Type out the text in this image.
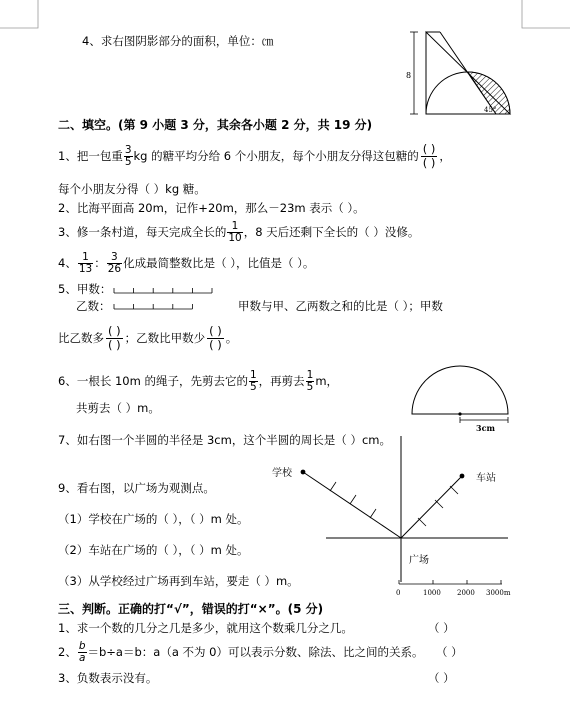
4、求右图阴影部分的面积，单位：㎝
8
45°
二、填空。(第 9 小题 3 分，其余各小题 2 分，共 19 分)
1、把一包重 $\frac{3}{5}$ kg 的糖平均分给 6 个小朋友，每个小朋友分得这包糖的 $\frac{( )}{( )}$ ，
每个小朋友分得（ ）kg 糖。
2、比海平面高 20m，记作+20m，那么－23m 表示（ ）。
3、修一条村道，每天完成全长的 $\frac{1}{10}$ ，8 天后还剩下全长的（ ）没修。
4、 $\frac{1}{13}$ ： $\frac{3}{26}$ 化成最简整数比是（ ），比值是（ ）。
5、甲数：
乙数：	甲数与甲、乙两数之和的比是（ ）；甲数
比乙数多 $\frac{( )}{( )}$ ；乙数比甲数少 $\frac{( )}{( )}$ 。
6、一根长 10m 的绳子，先剪去它的 $\frac{1}{5}$ ，再剪去 $\frac{1}{5}$ m，
共剪去（ ）m。
3cm
7、如右图一个半圆的半径是 3cm，这个半圆的周长是（ ）cm。
9、看右图，以广场为观测点。
（1）学校在广场的（ ），（ ）m 处。
（2）车站在广场的（ ），（ ）m 处。
（3）从学校经过广场再到车站，要走（ ）m。
学校	车站
广场
0	1000 2000 3000m
三、判断。正确的打“√”，错误的打“×”。(5 分)
1、求一个数的几分之几是多少，就用这个数乘几分之几。	（ ）
2、 $\frac{b}{a} =b\div a=b$：a（a 不为 0）可以表示分数、除法、比之间的关系。 （ ）
3、负数表示没有。	（ ）
